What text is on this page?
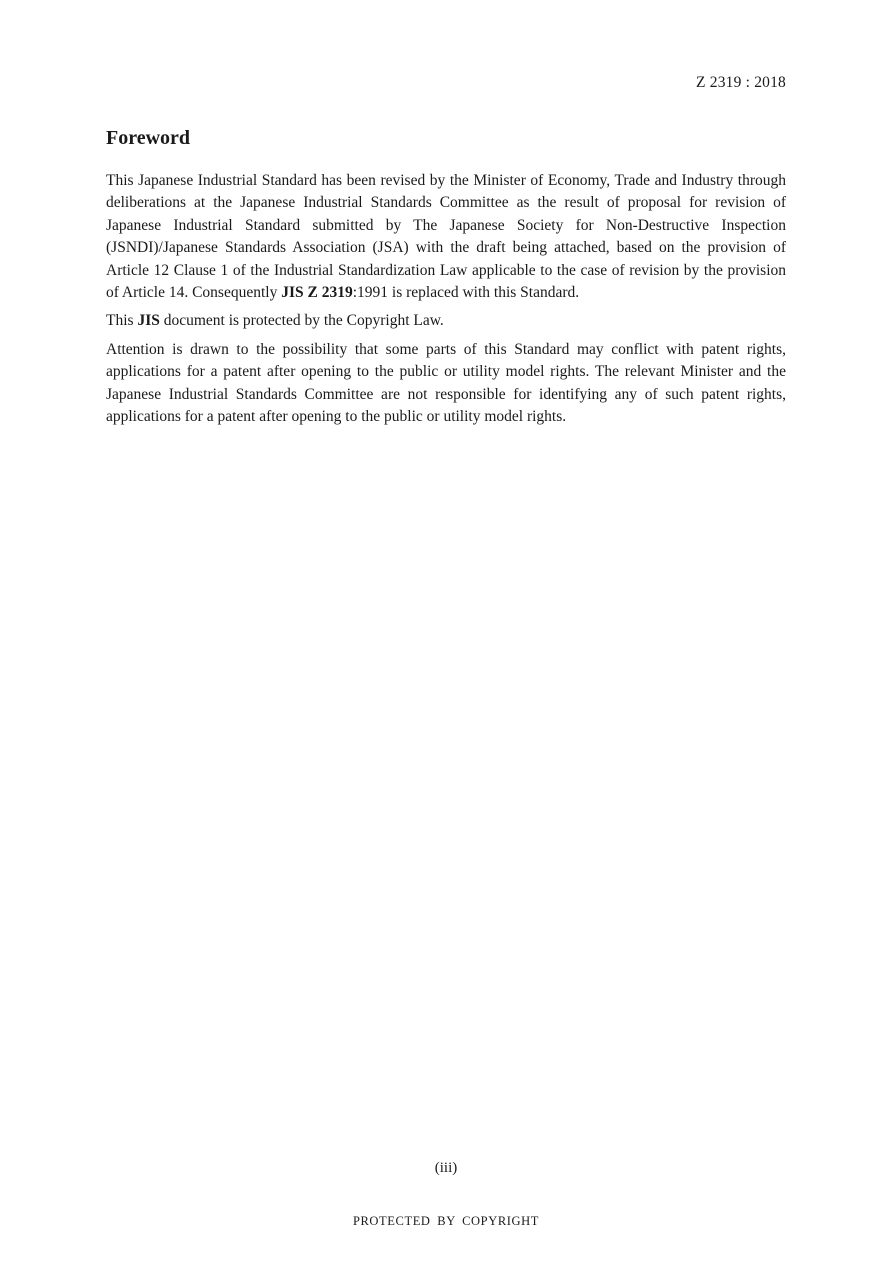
Z 2319 : 2018
Foreword

This Japanese Industrial Standard has been revised by the Minister of Economy, Trade and Industry through deliberations at the Japanese Industrial Standards Committee as the result of proposal for revision of Japanese Industrial Standard submitted by The Japanese Society for Non-Destructive Inspection (JSNDI)/Japanese Standards Association (JSA) with the draft being attached, based on the provision of Article 12 Clause 1 of the Industrial Standardization Law applicable to the case of revision by the provision of Article 14. Consequently JIS Z 2319:1991 is replaced with this Standard.

This JIS document is protected by the Copyright Law.

Attention is drawn to the possibility that some parts of this Standard may conflict with patent rights, applications for a patent after opening to the public or utility model rights. The relevant Minister and the Japanese Industrial Standards Committee are not responsible for identifying any of such patent rights, applications for a patent after opening to the public or utility model rights.

(iii)
PROTECTED BY COPYRIGHT
